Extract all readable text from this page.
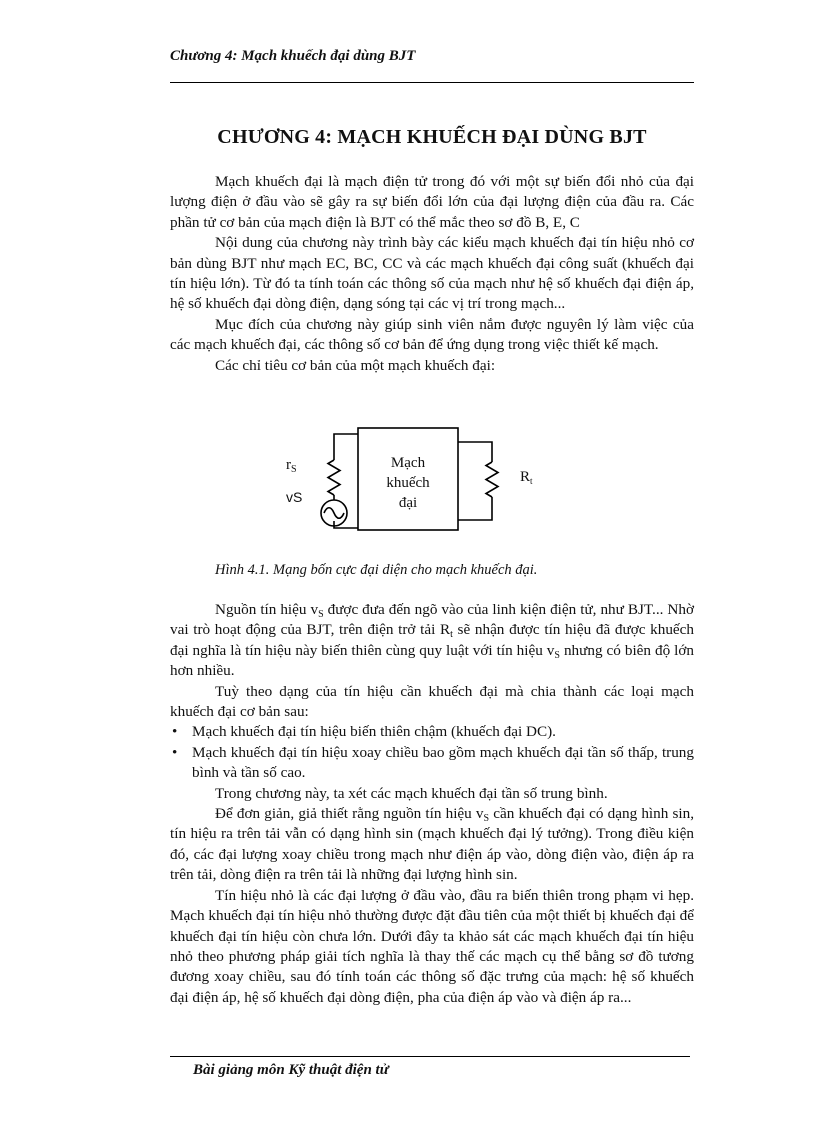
Chương 4: Mạch khuếch đại dùng BJT
CHƯƠNG 4: MẠCH KHUẾCH ĐẠI DÙNG BJT

Mạch khuếch đại là mạch điện tử trong đó với một sự biến đổi nhỏ của đại lượng điện ở đầu vào sẽ gây ra sự biến đổi lớn của đại lượng điện của đầu ra. Các phần tử cơ bản của mạch điện là BJT có thể mắc theo sơ đồ B, E, C

Nội dung của chương này trình bày các kiểu mạch khuếch đại tín hiệu nhỏ cơ bản dùng BJT như mạch EC, BC, CC và các mạch khuếch đại công suất (khuếch đại tín hiệu lớn). Từ đó ta tính toán các thông số của mạch như hệ số khuếch đại điện áp, hệ số khuếch đại dòng điện, dạng sóng tại các vị trí trong mạch...

Mục đích của chương này giúp sinh viên nắm được nguyên lý làm việc của các mạch khuếch đại, các thông số cơ bản để ứng dụng trong việc thiết kế mạch.

Các chỉ tiêu cơ bản của một mạch khuếch đại:

$r_S$
vS
Mạch
khuếch
đại
$R_t$
Hình 4.1. Mạng bốn cực đại diện cho mạch khuếch đại.

Nguồn tín hiệu $v_S$ được đưa đến ngõ vào của linh kiện điện tử, như BJT... Nhờ vai trò hoạt động của BJT, trên điện trở tải $R_t$ sẽ nhận được tín hiệu đã được khuếch đại nghĩa là tín hiệu này biến thiên cùng quy luật với tín hiệu $v_S$ nhưng có biên độ lớn hơn nhiều.

Tuỳ theo dạng của tín hiệu cần khuếch đại mà chia thành các loại mạch khuếch đại cơ bản sau:

• Mạch khuếch đại tín hiệu biến thiên chậm (khuếch đại DC).

• Mạch khuếch đại tín hiệu xoay chiều bao gồm mạch khuếch đại tần số thấp, trung bình và tần số cao.

Trong chương này, ta xét các mạch khuếch đại tần số trung bình.

Để đơn giản, giả thiết rằng nguồn tín hiệu $v_S$ cần khuếch đại có dạng hình sin, tín hiệu ra trên tải vẫn có dạng hình sin (mạch khuếch đại lý tưởng). Trong điều kiện đó, các đại lượng xoay chiều trong mạch như điện áp vào, dòng điện vào, điện áp ra trên tải, dòng điện ra trên tải là những đại lượng hình sin.

Tín hiệu nhỏ là các đại lượng ở đầu vào, đầu ra biến thiên trong phạm vi hẹp. Mạch khuếch đại tín hiệu nhỏ thường được đặt đầu tiên của một thiết bị khuếch đại để khuếch đại tín hiệu còn chưa lớn. Dưới đây ta khảo sát các mạch khuếch đại tín hiệu nhỏ theo phương pháp giải tích nghĩa là thay thế các mạch cụ thể bằng sơ đồ tương đương xoay chiều, sau đó tính toán các thông số đặc trưng của mạch: hệ số khuếch đại điện áp, hệ số khuếch đại dòng điện, pha của điện áp vào và điện áp ra...

Bài giảng môn Kỹ thuật điện tử
